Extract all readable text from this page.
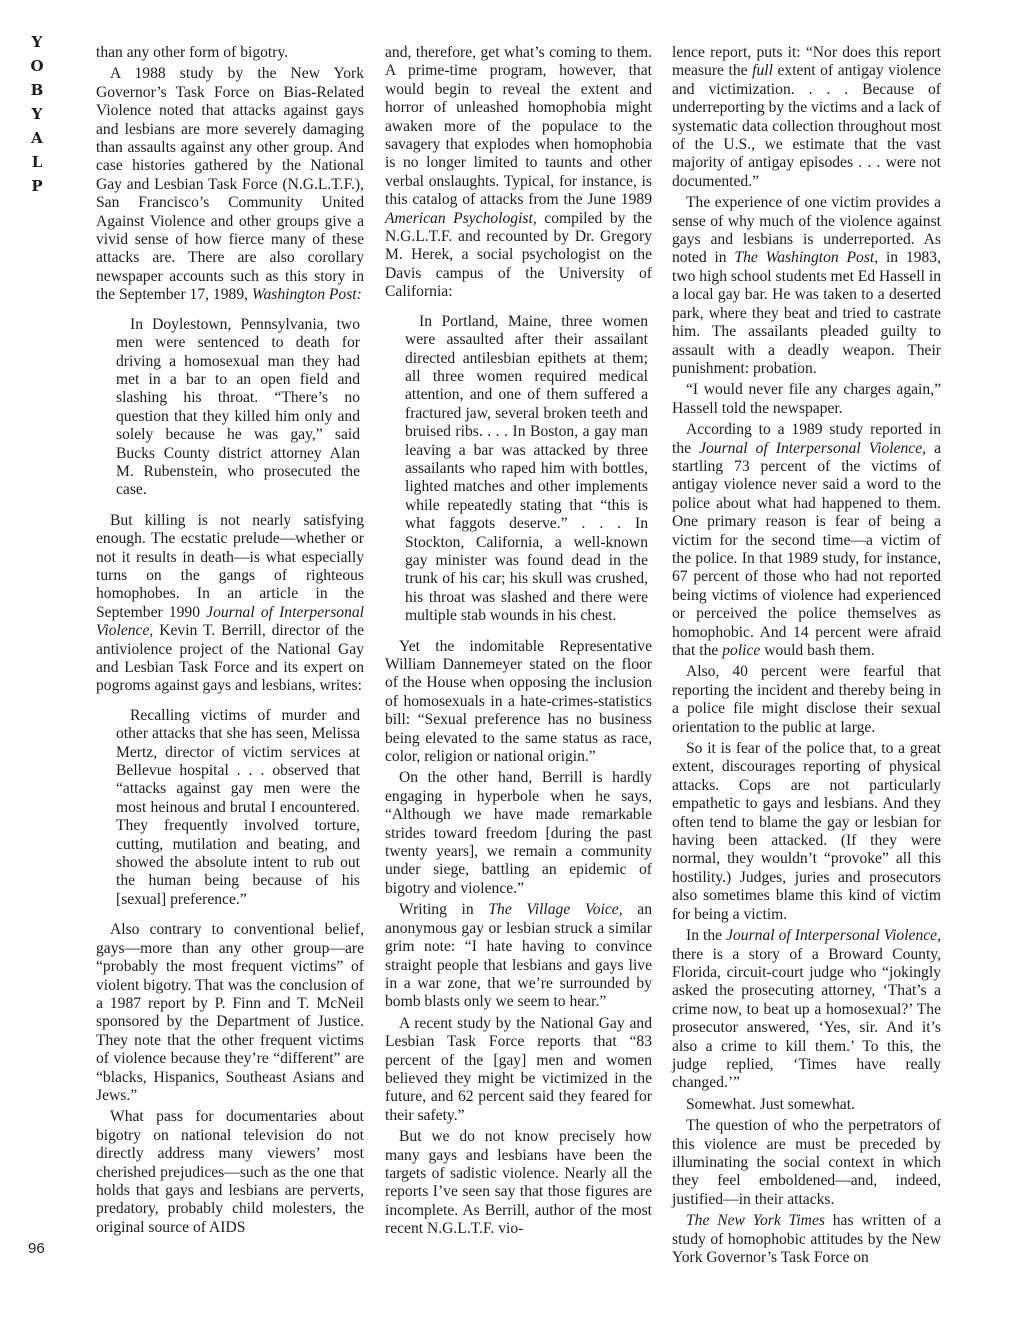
Y
O
B
Y
A
L
P
96

than any other form of bigotry.

A 1988 study by the New York Governor’s Task Force on Bias-Related Violence noted that attacks against gays and lesbians are more severely damaging than assaults against any other group. And case histories gathered by the National Gay and Lesbian Task Force (N.G.L.T.F.), San Francisco’s Community United Against Violence and other groups give a vivid sense of how fierce many of these attacks are. There are also corollary newspaper accounts such as this story in the September 17, 1989, Washington Post:

In Doylestown, Pennsylvania, two men were sentenced to death for driving a homosexual man they had met in a bar to an open field and slashing his throat. “There’s no question that they killed him only and solely because he was gay,” said Bucks County district attorney Alan M. Rubenstein, who prosecuted the case.

But killing is not nearly satisfying enough. The ecstatic prelude—whether or not it results in death—is what especially turns on the gangs of righteous homophobes. In an article in the September 1990 Journal of Interpersonal Violence, Kevin T. Berrill, director of the antiviolence project of the National Gay and Lesbian Task Force and its expert on pogroms against gays and lesbians, writes:

Recalling victims of murder and other attacks that she has seen, Melissa Mertz, director of victim services at Bellevue hospital . . . observed that “attacks against gay men were the most heinous and brutal I encountered. They frequently involved torture, cutting, mutilation and beating, and showed the absolute intent to rub out the human being because of his [sexual] preference.”

Also contrary to conventional belief, gays—more than any other group—are “probably the most frequent victims” of violent bigotry. That was the conclusion of a 1987 report by P. Finn and T. McNeil sponsored by the Department of Justice. They note that the other frequent victims of violence because they’re “different” are “blacks, Hispanics, Southeast Asians and Jews.”

What pass for documentaries about bigotry on national television do not directly address many viewers’ most cherished prejudices—such as the one that holds that gays and lesbians are perverts, predatory, probably child molesters, the original source of AIDS

and, therefore, get what’s coming to them. A prime-time program, however, that would begin to reveal the extent and horror of unleashed homophobia might awaken more of the populace to the savagery that explodes when homophobia is no longer limited to taunts and other verbal onslaughts. Typical, for instance, is this catalog of attacks from the June 1989 American Psychologist, compiled by the N.G.L.T.F. and recounted by Dr. Gregory M. Herek, a social psychologist on the Davis campus of the University of California:

In Portland, Maine, three women were assaulted after their assailant directed antilesbian epithets at them; all three women required medical attention, and one of them suffered a fractured jaw, several broken teeth and bruised ribs. . . . In Boston, a gay man leaving a bar was attacked by three assailants who raped him with bottles, lighted matches and other implements while repeatedly stating that “this is what faggots deserve.” . . . In Stockton, California, a well-known gay minister was found dead in the trunk of his car; his skull was crushed, his throat was slashed and there were multiple stab wounds in his chest.

Yet the indomitable Representative William Dannemeyer stated on the floor of the House when opposing the inclusion of homosexuals in a hate-crimes-statistics bill: “Sexual preference has no business being elevated to the same status as race, color, religion or national origin.”

On the other hand, Berrill is hardly engaging in hyperbole when he says, “Although we have made remarkable strides toward freedom [during the past twenty years], we remain a community under siege, battling an epidemic of bigotry and violence.”

Writing in The Village Voice, an anonymous gay or lesbian struck a similar grim note: “I hate having to convince straight people that lesbians and gays live in a war zone, that we’re surrounded by bomb blasts only we seem to hear.”

A recent study by the National Gay and Lesbian Task Force reports that “83 percent of the [gay] men and women believed they might be victimized in the future, and 62 percent said they feared for their safety.”

But we do not know precisely how many gays and lesbians have been the targets of sadistic violence. Nearly all the reports I’ve seen say that those figures are incomplete. As Berrill, author of the most recent N.G.L.T.F. vio-

lence report, puts it: “Nor does this report measure the full extent of antigay violence and victimization. . . . Because of underreporting by the victims and a lack of systematic data collection throughout most of the U.S., we estimate that the vast majority of antigay episodes . . . were not documented.”

The experience of one victim provides a sense of why much of the violence against gays and lesbians is underreported. As noted in The Washington Post, in 1983, two high school students met Ed Hassell in a local gay bar. He was taken to a deserted park, where they beat and tried to castrate him. The assailants pleaded guilty to assault with a deadly weapon. Their punishment: probation.

“I would never file any charges again,” Hassell told the newspaper.

According to a 1989 study reported in the Journal of Interpersonal Violence, a startling 73 percent of the victims of antigay violence never said a word to the police about what had happened to them. One primary reason is fear of being a victim for the second time—a victim of the police. In that 1989 study, for instance, 67 percent of those who had not reported being victims of violence had experienced or perceived the police themselves as homophobic. And 14 percent were afraid that the police would bash them.

Also, 40 percent were fearful that reporting the incident and thereby being in a police file might disclose their sexual orientation to the public at large.

So it is fear of the police that, to a great extent, discourages reporting of physical attacks. Cops are not particularly empathetic to gays and lesbians. And they often tend to blame the gay or lesbian for having been attacked. (If they were normal, they wouldn’t “provoke” all this hostility.) Judges, juries and prosecutors also sometimes blame this kind of victim for being a victim.

In the Journal of Interpersonal Violence, there is a story of a Broward County, Florida, circuit-court judge who “jokingly asked the prosecuting attorney, ‘That’s a crime now, to beat up a homosexual?’ The prosecutor answered, ‘Yes, sir. And it’s also a crime to kill them.’ To this, the judge replied, ‘Times have really changed.’”

Somewhat. Just somewhat.

The question of who the perpetrators of this violence are must be preceded by illuminating the social context in which they feel emboldened—and, indeed, justified—in their attacks.

The New York Times has written of a study of homophobic attitudes by the New York Governor’s Task Force on
